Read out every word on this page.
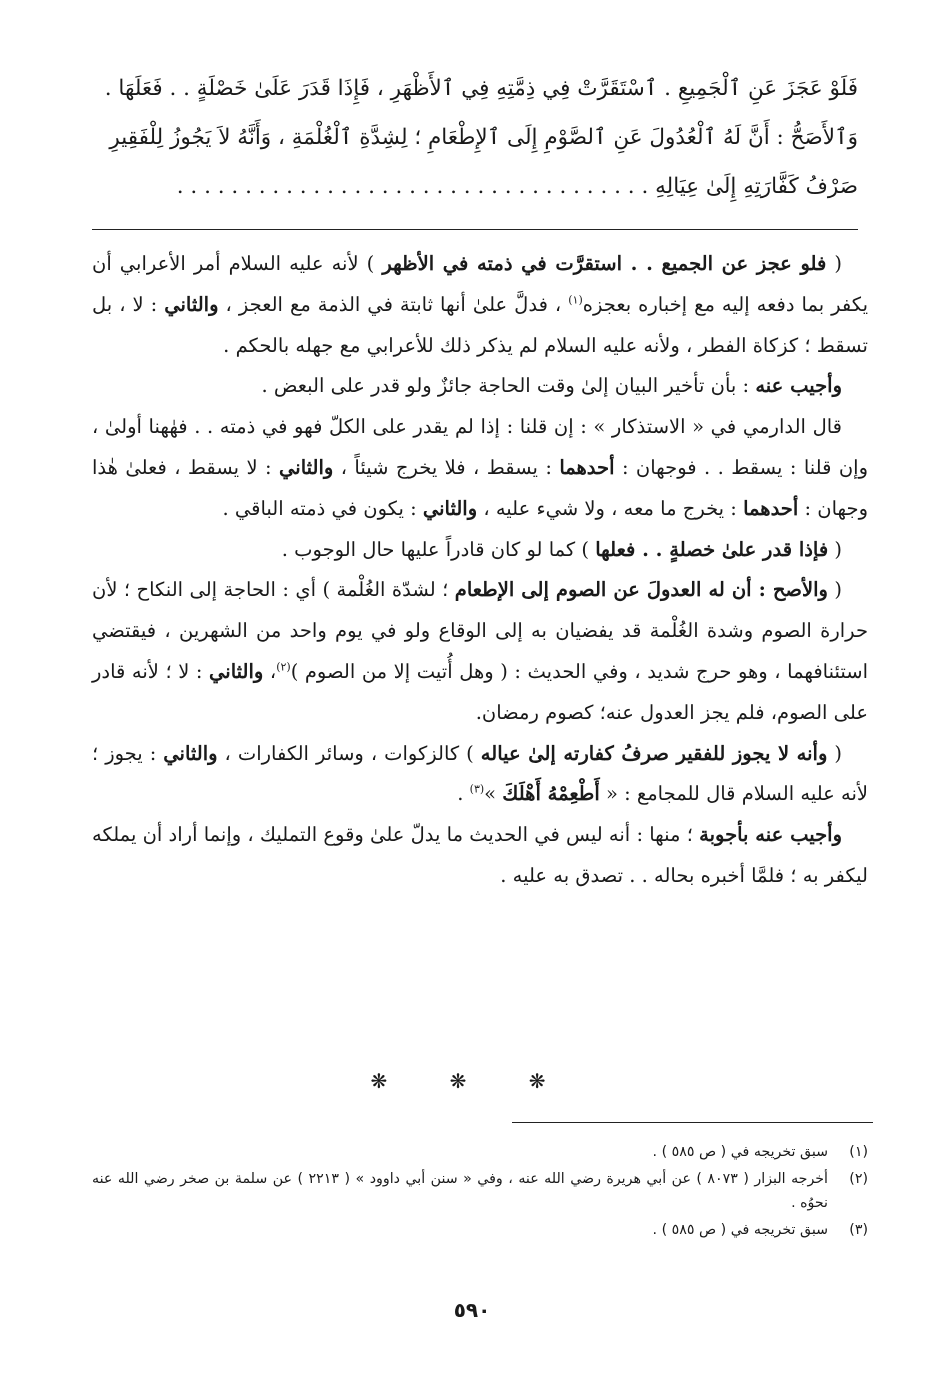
فَلَوْ عَجَزَ عَنِ ٱلْجَمِيعِ . ٱسْتَقَرَّتْ فِي ذِمَّتِهِ فِي ٱلأَظْهَرِ ، فَإِذَا قَدَرَ عَلَىٰ خَصْلَةٍ . . فَعَلَهَا .

وَٱلأَصَحُّ : أَنَّ لَهُ ٱلْعُدُولَ عَنِ ٱلصَّوْمِ إِلَى ٱلإِطْعَامِ ؛ لِشِدَّةِ ٱلْغُلْمَةِ ، وَأَنَّهُ لاَ يَجُوزُ لِلْفَقِيرِ

صَرْفُ كَفَّارَتِهِ إِلَىٰ عِيَالِهِ . . . . . . . . . . . . . . . . . . . . . . . . . . . . . . . . . . .

( فلو عجز عن الجميع . . استقرَّت في ذمته في الأظهر ) لأنه عليه السلام أمر الأعرابي أن يكفر بما دفعه إليه مع إخباره بعجزه$^{(١)}$ ، فدلَّ علىٰ أنها ثابتة في الذمة مع العجز ، والثاني : لا ، بل تسقط ؛ كزكاة الفطر ، ولأنه عليه السلام لم يذكر ذلك للأعرابي مع جهله بالحكم .

وأجيب عنه : بأن تأخير البيان إلىٰ وقت الحاجة جائزٌ ولو قدر على البعض .

قال الدارمي في « الاستذكار » : إن قلنا : إذا لم يقدر على الكلّ فهو في ذمته . . فهٰهنا أولىٰ ، وإن قلنا : يسقط . . فوجهان : أحدهما : يسقط ، فلا يخرج شيئاً ، والثاني : لا يسقط ، فعلىٰ هٰذا وجهان : أحدهما : يخرج ما معه ، ولا شيء عليه ، والثاني : يكون في ذمته الباقي .

( فإذا قدر علىٰ خصلةٍ . . فعلها ) كما لو كان قادراً عليها حال الوجوب .

( والأصح : أن له العدولَ عن الصوم إلى الإطعام ؛ لشدّة الغُلْمة ) أي : الحاجة إلى النكاح ؛ لأن حرارة الصوم وشدة الغُلْمة قد يفضيان به إلى الوقاع ولو في يوم واحد من الشهرين ، فيقتضي استئنافهما ، وهو حرج شديد ، وفي الحديث : ( وهل أُتيت إلا من الصوم )$^{(٢)}$، والثاني : لا ؛ لأنه قادر على الصوم، فلم يجز العدول عنه؛ كصوم رمضان.

( وأنه لا يجوز للفقير صرفُ كفارته إلىٰ عياله ) كالزكوات ، وسائر الكفارات ، والثاني : يجوز ؛ لأنه عليه السلام قال للمجامع : « أَطْعِمْهُ أَهْلَكَ »$^{(٣)}$ .

وأجيب عنه بأجوبة ؛ منها : أنه ليس في الحديث ما يدلّ علىٰ وقوع التمليك ، وإنما أراد أن يملكه ليكفر به ؛ فلمَّا أخبره بحاله . . تصدق به عليه .

❋ ❋ ❋
(١)
سبق تخريجه في ( ص ٥٨٥ ) .
(٢)
أخرجه البزار ( ٨٠٧٣ ) عن أبي هريرة رضي الله عنه ، وفي « سنن أبي داوود » ( ٢٢١٣ ) عن سلمة بن صخر رضي الله عنه نحوُه .
(٣)
سبق تخريجه في ( ص ٥٨٥ ) .
٥٩٠
